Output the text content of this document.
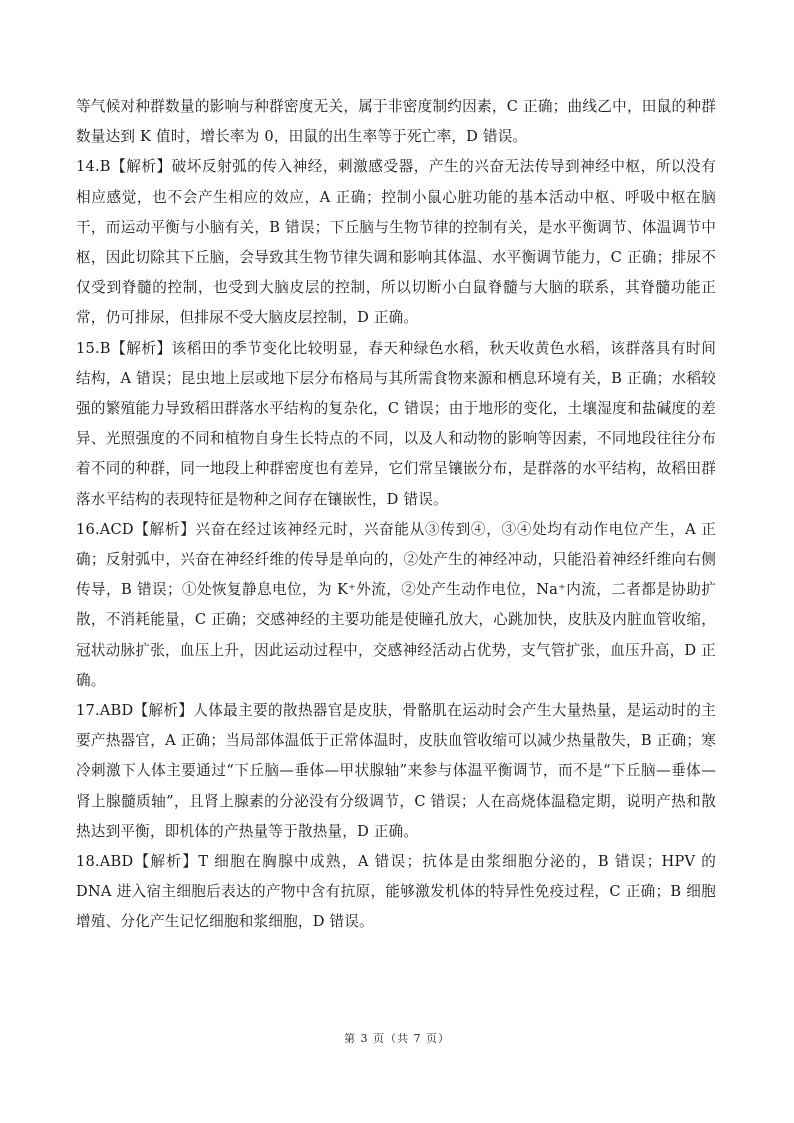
等气候对种群数量的影响与种群密度无关，属于非密度制约因素，C 正确；曲线乙中，田鼠的种群数量达到 K 值时，增长率为 0，田鼠的出生率等于死亡率，D 错误。

14.B【解析】破坏反射弧的传入神经，刺激感受器，产生的兴奋无法传导到神经中枢，所以没有相应感觉，也不会产生相应的效应，A 正确；控制小鼠心脏功能的基本活动中枢、呼吸中枢在脑干，而运动平衡与小脑有关，B 错误；下丘脑与生物节律的控制有关，是水平衡调节、体温调节中枢，因此切除其下丘脑，会导致其生物节律失调和影响其体温、水平衡调节能力，C 正确；排尿不仅受到脊髓的控制，也受到大脑皮层的控制，所以切断小白鼠脊髓与大脑的联系，其脊髓功能正常，仍可排尿，但排尿不受大脑皮层控制，D 正确。

15.B【解析】该稻田的季节变化比较明显，春天种绿色水稻，秋天收黄色水稻，该群落具有时间结构，A 错误；昆虫地上层或地下层分布格局与其所需食物来源和栖息环境有关，B 正确；水稻较强的繁殖能力导致稻田群落水平结构的复杂化，C 错误；由于地形的变化，土壤湿度和盐碱度的差异、光照强度的不同和植物自身生长特点的不同，以及人和动物的影响等因素，不同地段往往分布着不同的种群，同一地段上种群密度也有差异，它们常呈镶嵌分布，是群落的水平结构，故稻田群落水平结构的表现特征是物种之间存在镶嵌性，D 错误。

16.ACD【解析】兴奋在经过该神经元时，兴奋能从③传到④，③④处均有动作电位产生，A 正确；反射弧中，兴奋在神经纤维的传导是单向的，②处产生的神经冲动，只能沿着神经纤维向右侧传导，B 错误；①处恢复静息电位，为 K⁺外流，②处产生动作电位，Na⁺内流，二者都是协助扩散，不消耗能量，C 正确；交感神经的主要功能是使瞳孔放大，心跳加快，皮肤及内脏血管收缩，冠状动脉扩张，血压上升，因此运动过程中，交感神经活动占优势，支气管扩张，血压升高，D 正确。

17.ABD【解析】人体最主要的散热器官是皮肤，骨骼肌在运动时会产生大量热量，是运动时的主要产热器官，A 正确；当局部体温低于正常体温时，皮肤血管收缩可以减少热量散失，B 正确；寒冷刺激下人体主要通过“下丘脑—垂体—甲状腺轴”来参与体温平衡调节，而不是“下丘脑—垂体—肾上腺髓质轴”，且肾上腺素的分泌没有分级调节，C 错误；人在高烧体温稳定期，说明产热和散热达到平衡，即机体的产热量等于散热量，D 正确。

18.ABD【解析】T 细胞在胸腺中成熟，A 错误；抗体是由浆细胞分泌的，B 错误；HPV 的 DNA 进入宿主细胞后表达的产物中含有抗原，能够激发机体的特异性免疫过程，C 正确；B 细胞增殖、分化产生记忆细胞和浆细胞，D 错误。

第 3 页（共 7 页）
